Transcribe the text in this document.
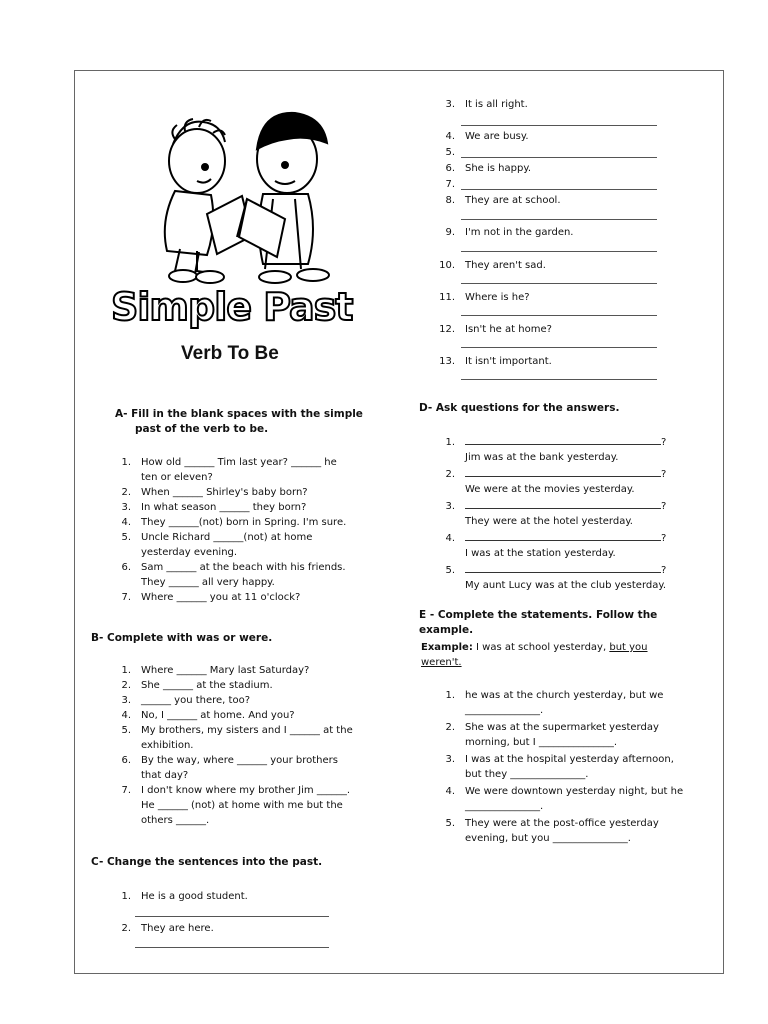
Simple Past
Verb To Be
A- Fill in the blank spaces with the simple
past of the verb to be.
1. How old ______ Tim last year? ______ he
ten or eleven?
2. When ______ Shirley's baby born?
3. In what season ______ they born?
4. They ______(not) born in Spring. I'm sure.
5. Uncle Richard ______(not) at home
yesterday evening.
6. Sam ______ at the beach with his friends.
They ______ all very happy.
7. Where ______ you at 11 o'clock?
B- Complete with was or were.
1. Where ______ Mary last Saturday?
2. She ______ at the stadium.
3. ______ you there, too?
4. No, I ______ at home. And you?
5. My brothers, my sisters and I ______ at the
exhibition.
6. By the way, where ______ your brothers
that day?
7. I don't know where my brother Jim ______.
He ______ (not) at home with me but the
others ______.
C- Change the sentences into the past.
1. He is a good student.
2. They are here.
3. It is all right.
4. We are busy.
5.
6. She is happy.
7.
8. They are at school.
9. I'm not in the garden.
10. They aren't sad.
11. Where is he?
12. Isn't he at home?
13. It isn't important.
D- Ask questions for the answers.
1.	?
Jim was at the bank yesterday.
2.	?
We were at the movies yesterday.
3.	?
They were at the hotel yesterday.
4.	?
I was at the station yesterday.
5.	?
My aunt Lucy was at the club yesterday.
E - Complete the statements. Follow the
example.
Example: I was at school yesterday, but you
weren't.
1. he was at the church yesterday, but we
_______________.
2. She was at the supermarket yesterday
morning, but I _______________.
3. I was at the hospital yesterday afternoon,
but they _______________.
4. We were downtown yesterday night, but he
_______________.
5. They were at the post-office yesterday
evening, but you _______________.
